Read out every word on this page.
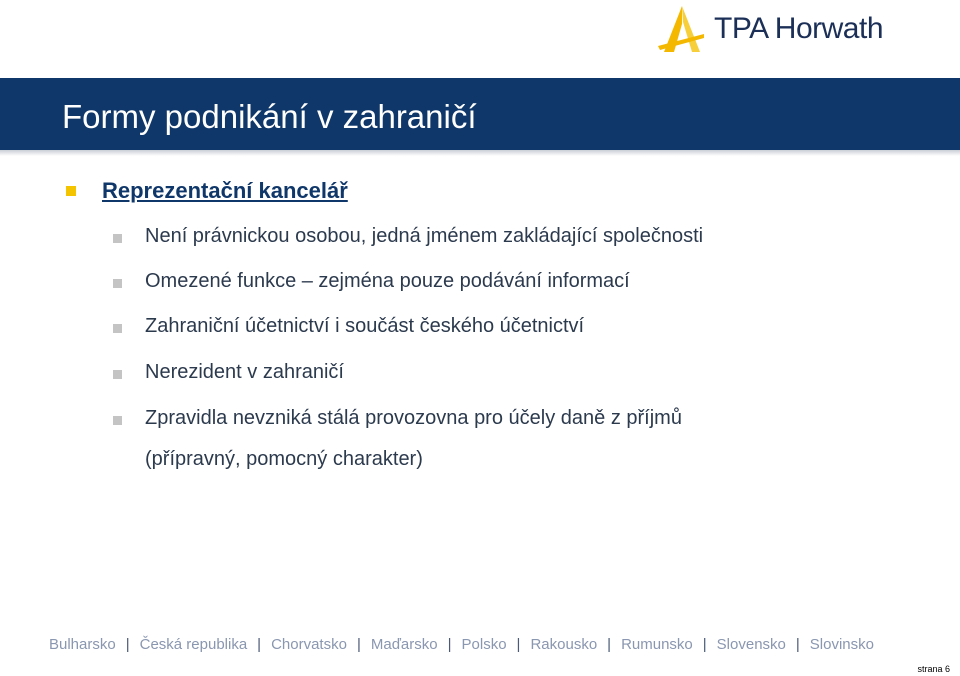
TPA Horwath
Formy podnikání v zahraničí
Reprezentační kancelář
Není právnickou osobou, jedná jménem zakládající společnosti
Omezené funkce – zejména pouze podávání informací
Zahraniční účetnictví i součást českého účetnictví
Nerezident v zahraničí
Zpravidla nevzniká stálá provozovna pro účely daně z příjmů
(přípravný, pomocný charakter)
Bulharsko | Česká republika | Chorvatsko | Maďarsko | Polsko | Rakousko | Rumunsko | Slovensko | Slovinsko
strana 6
